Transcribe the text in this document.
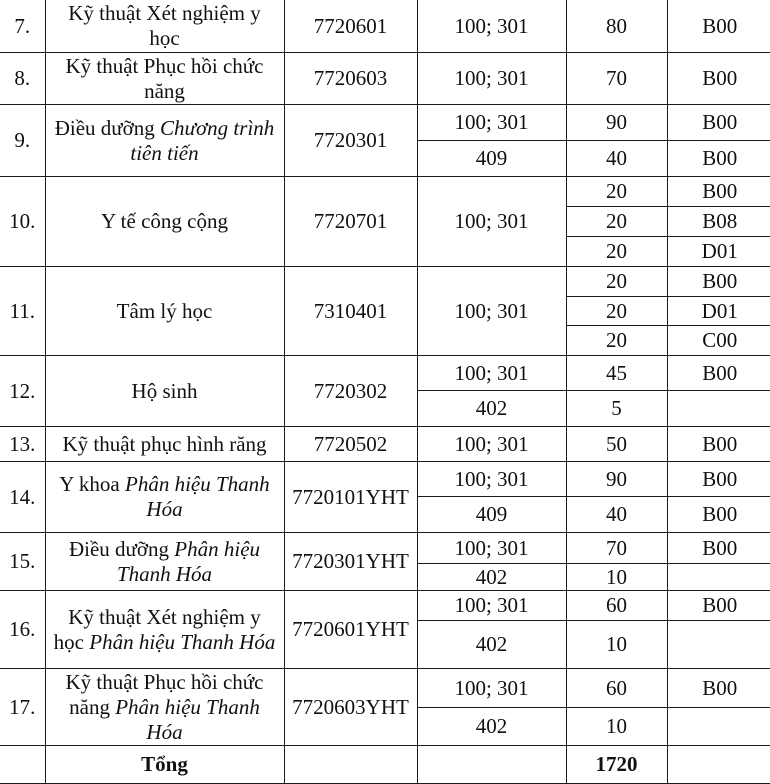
7.	Kỹ thuật Xét nghiệm y học	7720601	100; 301	80	B00
8.	Kỹ thuật Phục hồi chức năng	7720603	100; 301	70	B00
9.	Điều dưỡng Chương trình tiên tiến	7720301	100; 301	90	B00
			409	40	B00
10.	Y tế công cộng	7720701	100; 301	20	B00
				20	B08
				20	D01
11.	Tâm lý học	7310401	100; 301	20	B00
				20	D01
				20	C00
12.	Hộ sinh	7720302	100; 301	45	B00
			402	5	
13.	Kỹ thuật phục hình răng	7720502	100; 301	50	B00
14.	Y khoa Phân hiệu Thanh Hóa	7720101YHT	100; 301	90	B00
			409	40	B00
15.	Điều dưỡng Phân hiệu Thanh Hóa	7720301YHT	100; 301	70	B00
			402	10	
16.	Kỹ thuật Xét nghiệm y học Phân hiệu Thanh Hóa	7720601YHT	100; 301	60	B00
			402	10	
17.	Kỹ thuật Phục hồi chức năng Phân hiệu Thanh Hóa	7720603YHT	100; 301	60	B00
			402	10	
	Tổng			1720	
